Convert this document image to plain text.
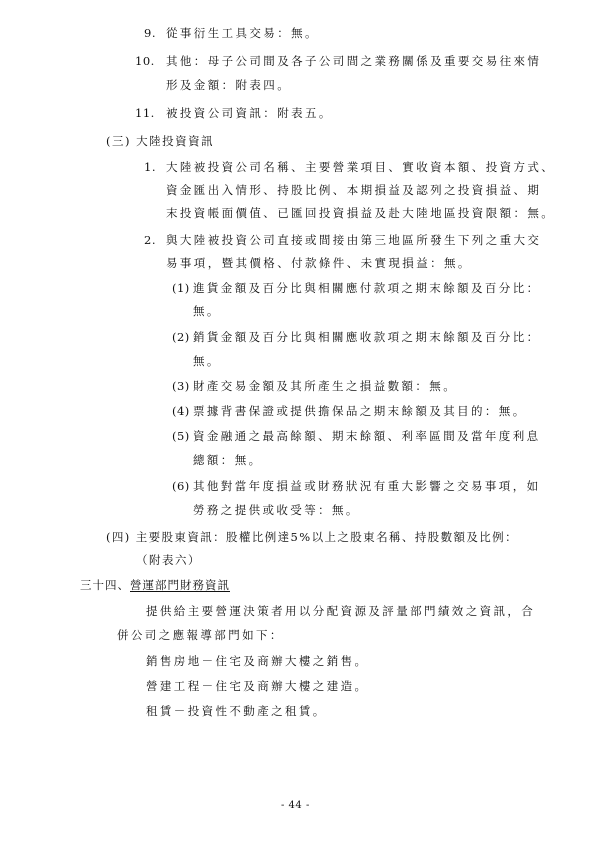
9. 從事衍生工具交易：無。
10. 其他：母子公司間及各子公司間之業務關係及重要交易往來情
形及金額：附表四。
11. 被投資公司資訊：附表五。
(三) 大陸投資資訊
1. 大陸被投資公司名稱、主要營業項目、實收資本額、投資方式、
資金匯出入情形、持股比例、本期損益及認列之投資損益、期
末投資帳面價值、已匯回投資損益及赴大陸地區投資限額：無。
2. 與大陸被投資公司直接或間接由第三地區所發生下列之重大交
易事項，暨其價格、付款條件、未實現損益：無。
(1) 進貨金額及百分比與相關應付款項之期末餘額及百分比：
無。
(2) 銷貨金額及百分比與相關應收款項之期末餘額及百分比：
無。
(3) 財產交易金額及其所產生之損益數額：無。
(4) 票據背書保證或提供擔保品之期末餘額及其目的：無。
(5) 資金融通之最高餘額、期末餘額、利率區間及當年度利息
總額：無。
(6) 其他對當年度損益或財務狀況有重大影響之交易事項，如
勞務之提供或收受等：無。
(四) 主要股東資訊：股權比例達5%以上之股東名稱、持股數額及比例：
（附表六）
三十四、營運部門財務資訊
提供給主要營運決策者用以分配資源及評量部門績效之資訊，合
併公司之應報導部門如下：
銷售房地－住宅及商辦大樓之銷售。
營建工程－住宅及商辦大樓之建造。
租賃－投資性不動產之租賃。
- 44 -
